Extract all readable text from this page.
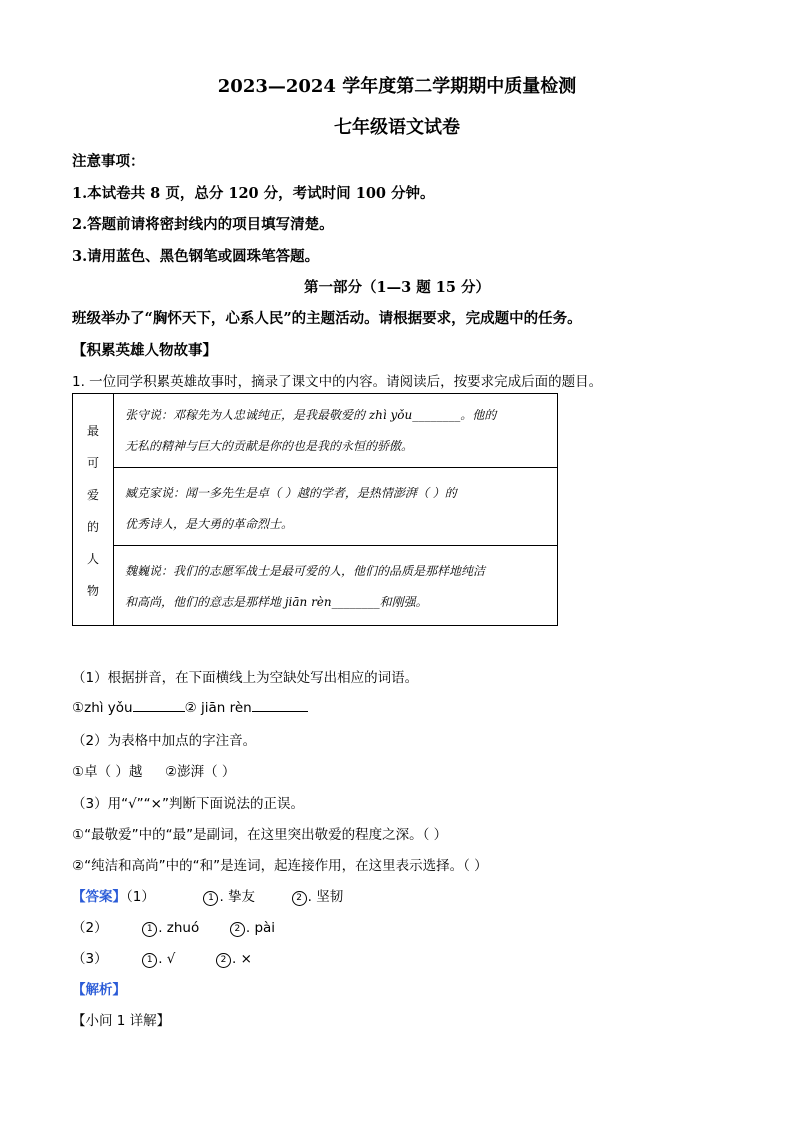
2023—2024 学年度第二学期期中质量检测
七年级语文试卷
注意事项：
1.本试卷共 8 页，总分 120 分，考试时间 100 分钟。
2.答题前请将密封线内的项目填写清楚。
3.请用蓝色、黑色钢笔或圆珠笔答题。
第一部分（1—3 题 15 分）
班级举办了“胸怀天下，心系人民”的主题活动。请根据要求，完成题中的任务。
【积累英雄人物故事】
1. 一位同学积累英雄故事时，摘录了课文中的内容。请阅读后，按要求完成后面的题目。
最
可
爱
的
人
物
张守说：邓稼先为人忠诚纯正，是我最敬爱的 zhì yǒu________。他的
无私的精神与巨大的贡献是你的也是我的永恒的骄傲。
臧克家说：闻一多先生是卓（ ）越的学者，是热情澎湃（ ）的
优秀诗人，是大勇的革命烈士。
魏巍说：我们的志愿军战士是最可爱的人，他们的品质是那样地纯洁
和高尚，他们的意志是那样地 jiān rèn________和刚强。
（1）根据拼音，在下面横线上为空缺处写出相应的词语。
①zhì yǒu	② jiān rèn
（2）为表格中加点的字注音。
①卓（ ）越 ②澎湃（ ）
（3）用“√”“×”判断下面说法的正误。
①“最敬爱”中的“最”是副词，在这里突出敬爱的程度之深。（ ）
②“纯洁和高尚”中的“和”是连词，起连接作用，在这里表示选择。（ ）
【答案】（1）	1 . 挚友	2 . 坚韧
（2）	1 . zhuó	2 . pài
（3）	1 . √	2 . ×
【解析】
【小问 1 详解】
